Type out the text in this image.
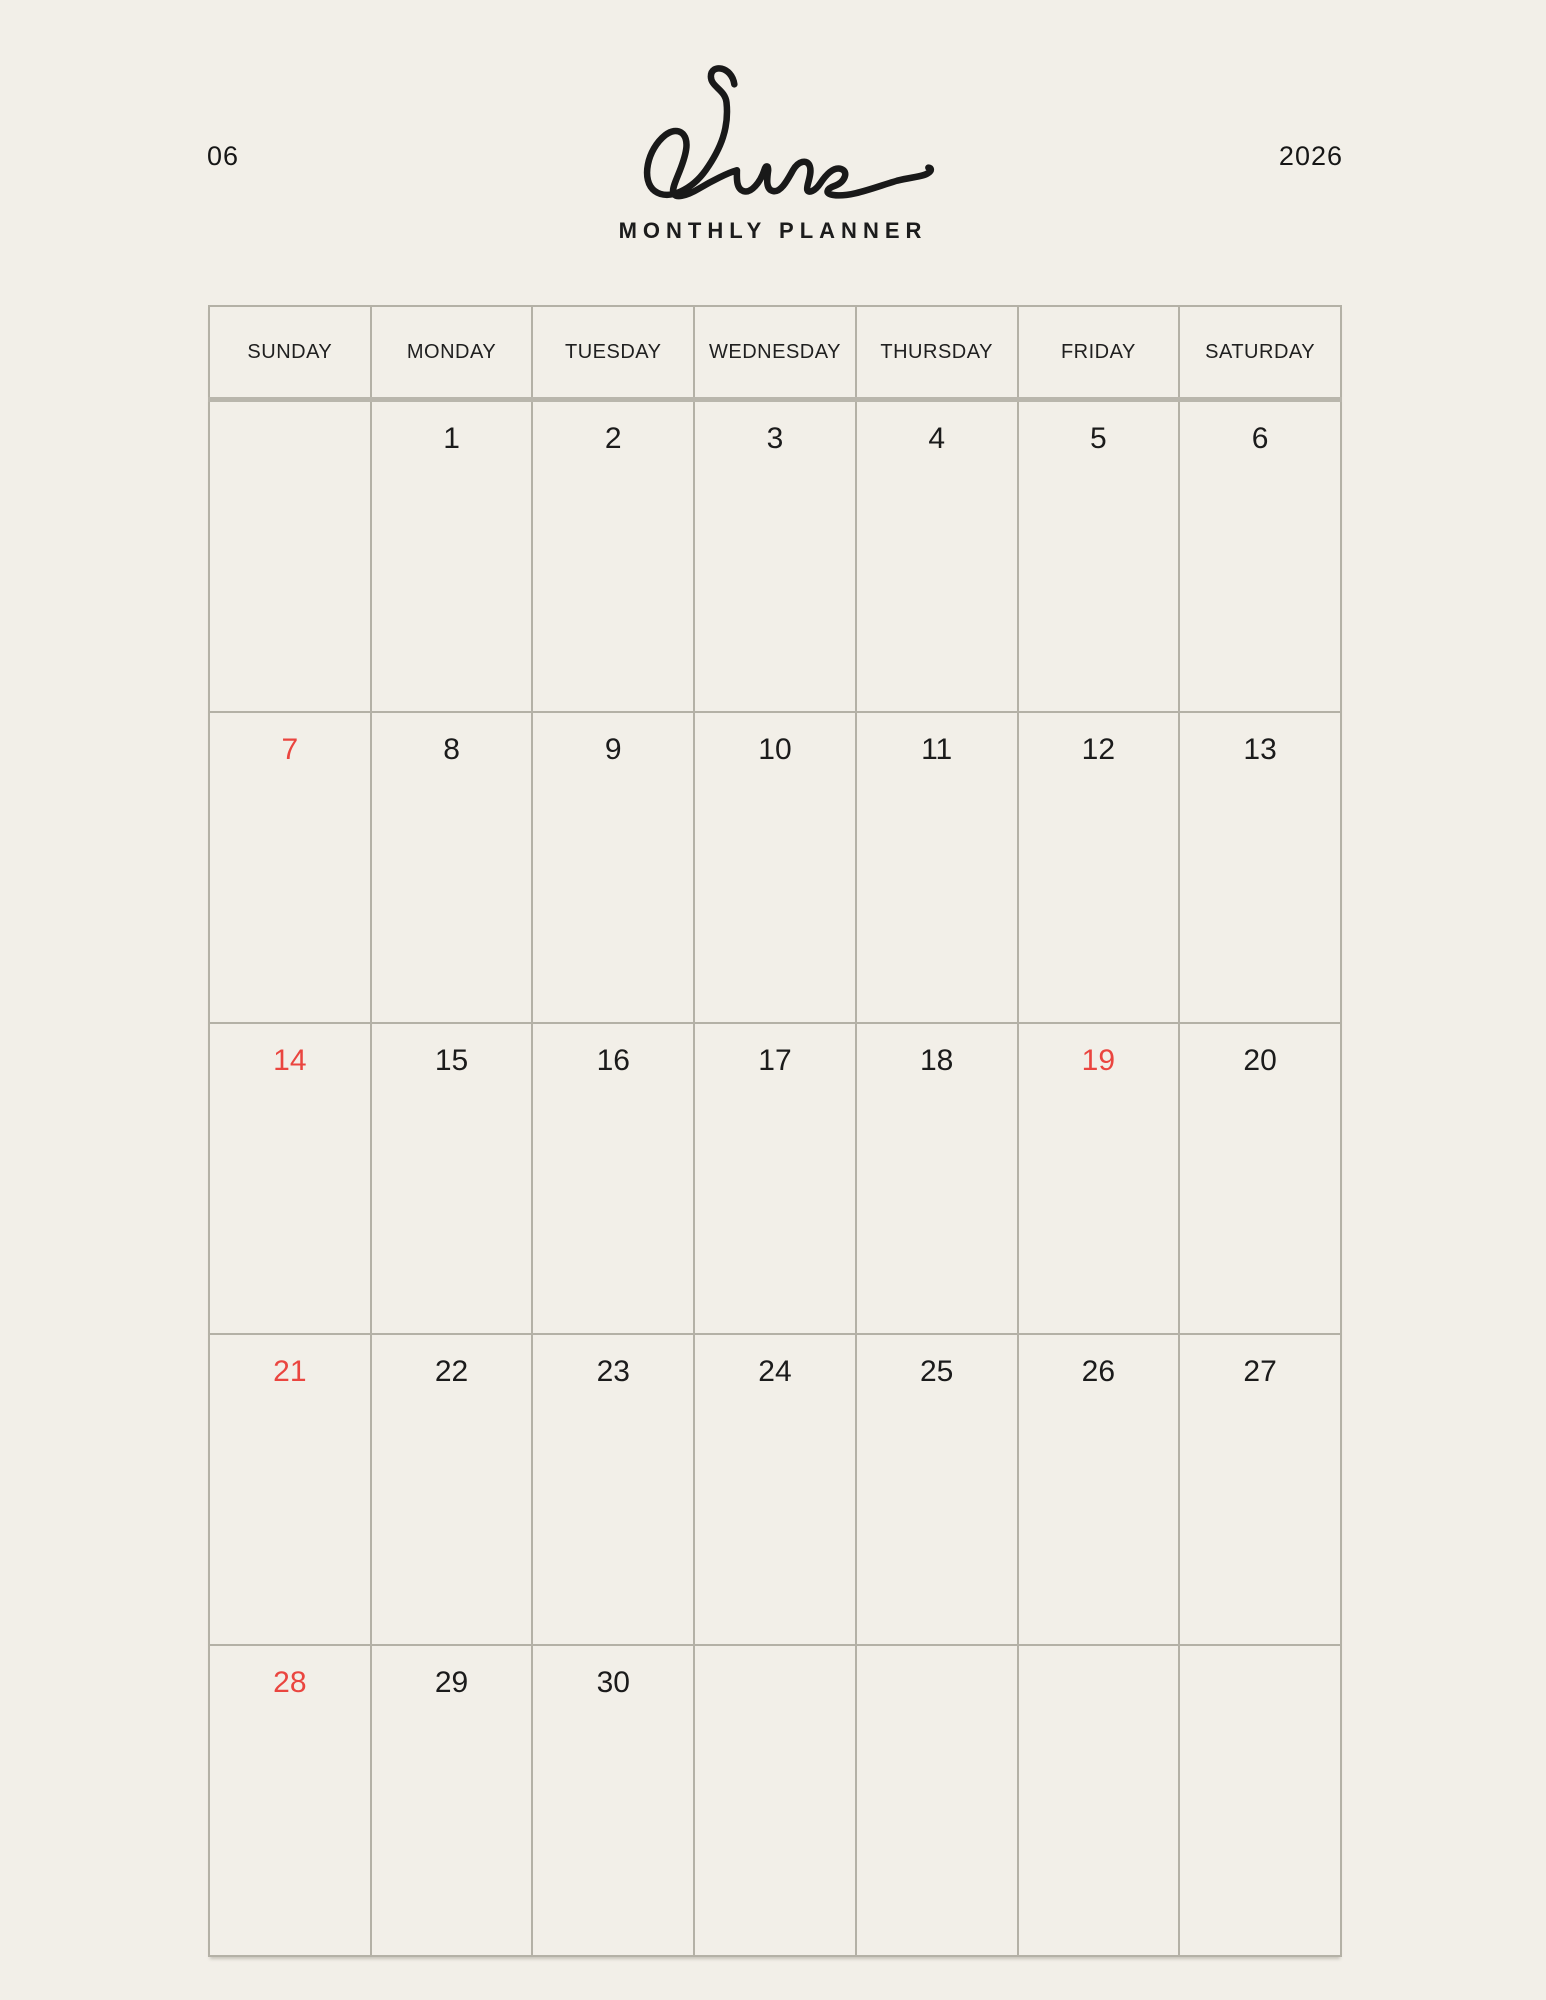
06	2026
MONTHLY PLANNER
SUNDAY	MONDAY	TUESDAY	WEDNESDAY	THURSDAY	FRIDAY	SATURDAY
	1	2	3	4	5	6
7	8	9	10	11	12	13
14	15	16	17	18	19	20
21	22	23	24	25	26	27
28	29	30				
